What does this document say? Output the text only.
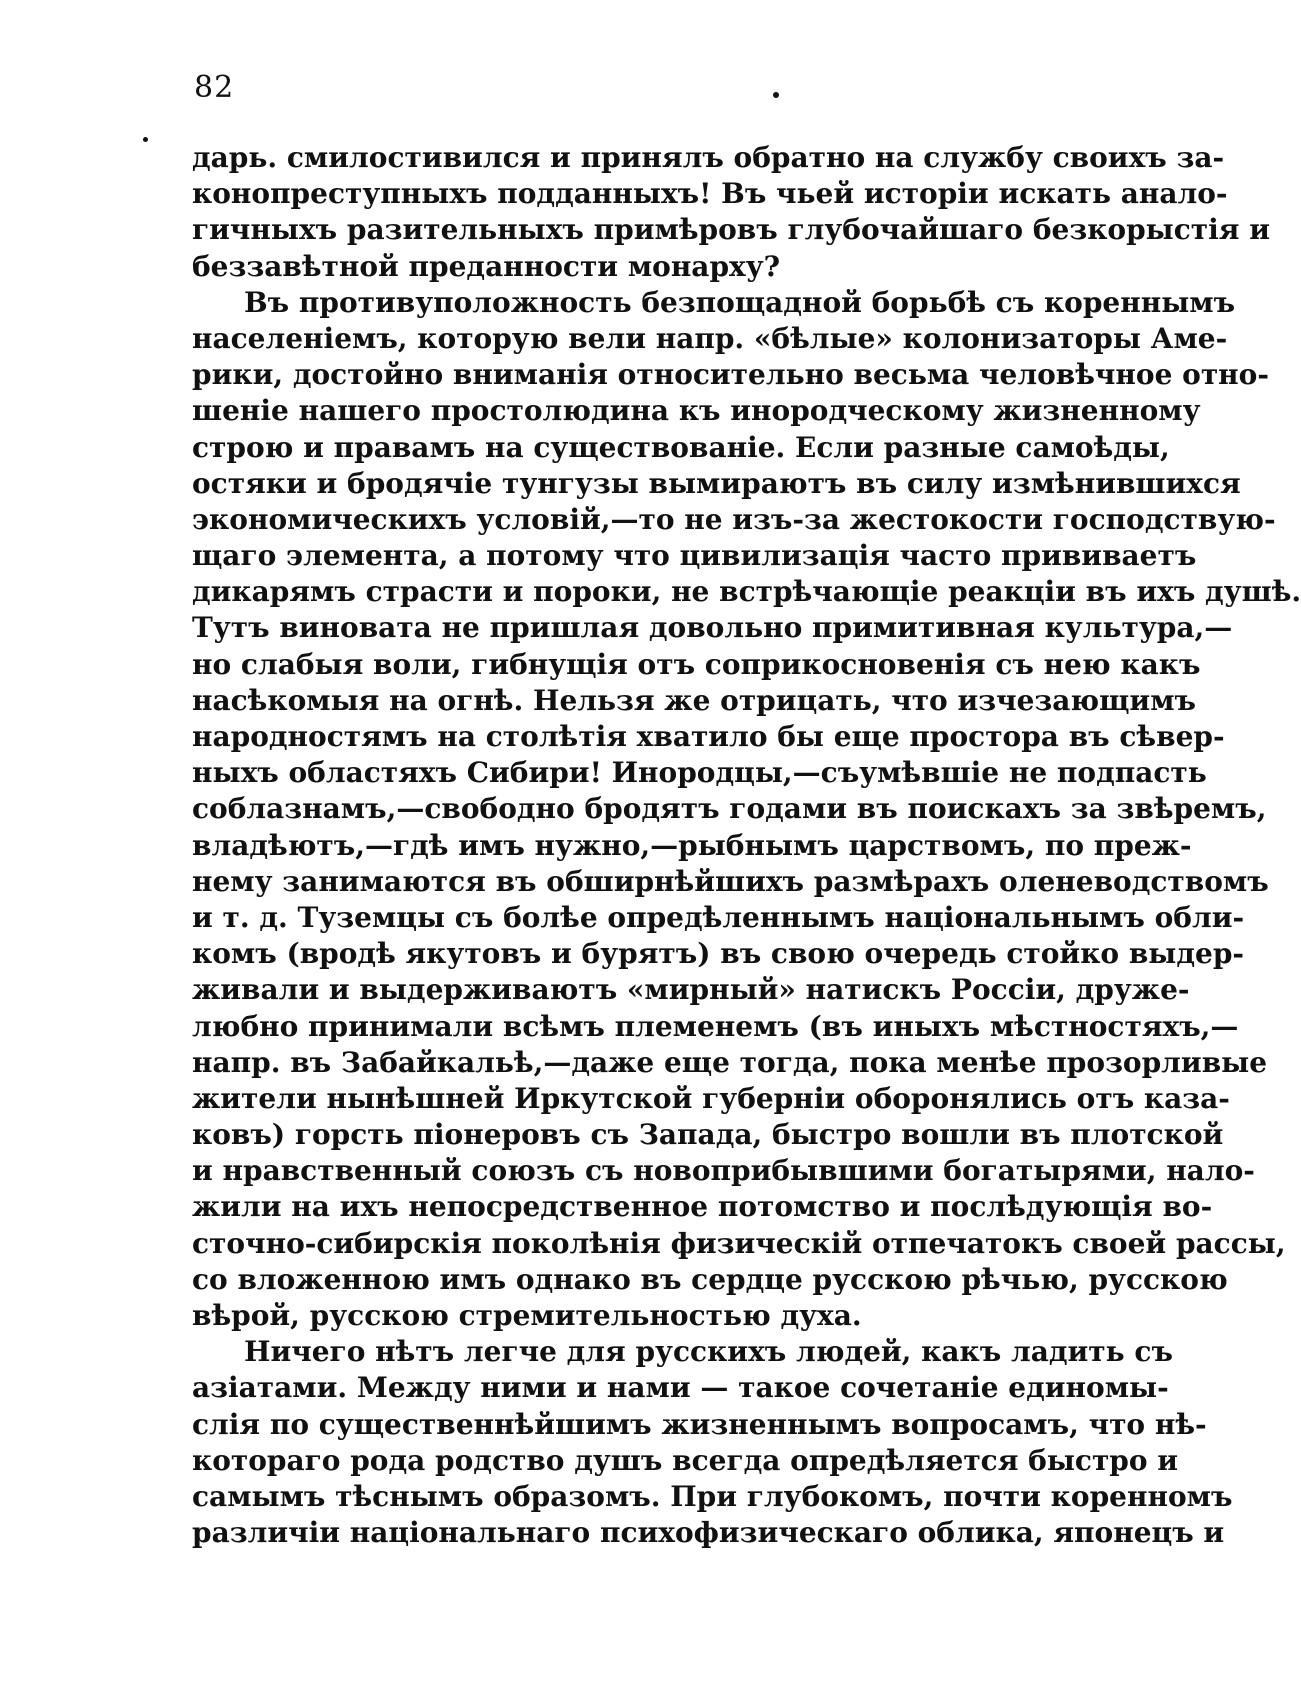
82
дарь. смилостивился и принялъ обратно на службу своихъ за-
конопреступныхъ подданныхъ! Въ чьей исторіи искать анало-
гичныхъ разительныхъ примѣровъ глубочайшаго безкорыстія и
беззавѣтной преданности монарху?
Въ противуположность безпощадной борьбѣ съ кореннымъ
населеніемъ, которую вели напр. «бѣлые» колонизаторы Аме-
рики, достойно вниманія относительно весьма человѣчное отно-
шеніе нашего простолюдина къ инородческому жизненному
строю и правамъ на существованіе. Если разные самоѣды,
остяки и бродячіе тунгузы вымираютъ въ силу измѣнившихся
экономическихъ условій,—то не изъ-за жестокости господствую-
щаго элемента, а потому что цивилизація часто прививаетъ
дикарямъ страсти и пороки, не встрѣчающіе реакціи въ ихъ душѣ.
Тутъ виновата не пришлая довольно примитивная культура,—
но слабыя воли, гибнущія отъ соприкосновенія съ нею какъ
насѣкомыя на огнѣ. Нельзя же отрицать, что изчезающимъ
народностямъ на столѣтія хватило бы еще простора въ сѣвер-
ныхъ областяхъ Сибири! Инородцы,—съумѣвшіе не подпасть
соблазнамъ,—свободно бродятъ годами въ поискахъ за звѣремъ,
владѣютъ,—гдѣ имъ нужно,—рыбнымъ царствомъ, по преж-
нему занимаются въ обширнѣйшихъ размѣрахъ оленеводствомъ
и т. д. Туземцы съ болѣе опредѣленнымъ національнымъ обли-
комъ (вродѣ якутовъ и бурятъ) въ свою очередь стойко выдер-
живали и выдерживаютъ «мирный» натискъ Россіи, друже-
любно принимали всѣмъ племенемъ (въ иныхъ мѣстностяхъ,—
напр. въ Забайкальѣ,—даже еще тогда, пока менѣе прозорливые
жители нынѣшней Иркутской губерніи оборонялись отъ каза-
ковъ) горсть піонеровъ съ Запада, быстро вошли въ плотской
и нравственный союзъ съ новоприбывшими богатырями, нало-
жили на ихъ непосредственное потомство и послѣдующія во-
сточно-сибирскія поколѣнія физическій отпечатокъ своей рассы,
со вложенною имъ однако въ сердце русскою рѣчью, русскою
вѣрой, русскою стремительностью духа.
Ничего нѣтъ легче для русскихъ людей, какъ ладить съ
азіатами. Между ними и нами — такое сочетаніе единомы-
слія по существеннѣйшимъ жизненнымъ вопросамъ, что нѣ-
котораго рода родство душъ всегда опредѣляется быстро и
самымъ тѣснымъ образомъ. При глубокомъ, почти коренномъ
различіи національнаго психофизическаго облика, японецъ и
